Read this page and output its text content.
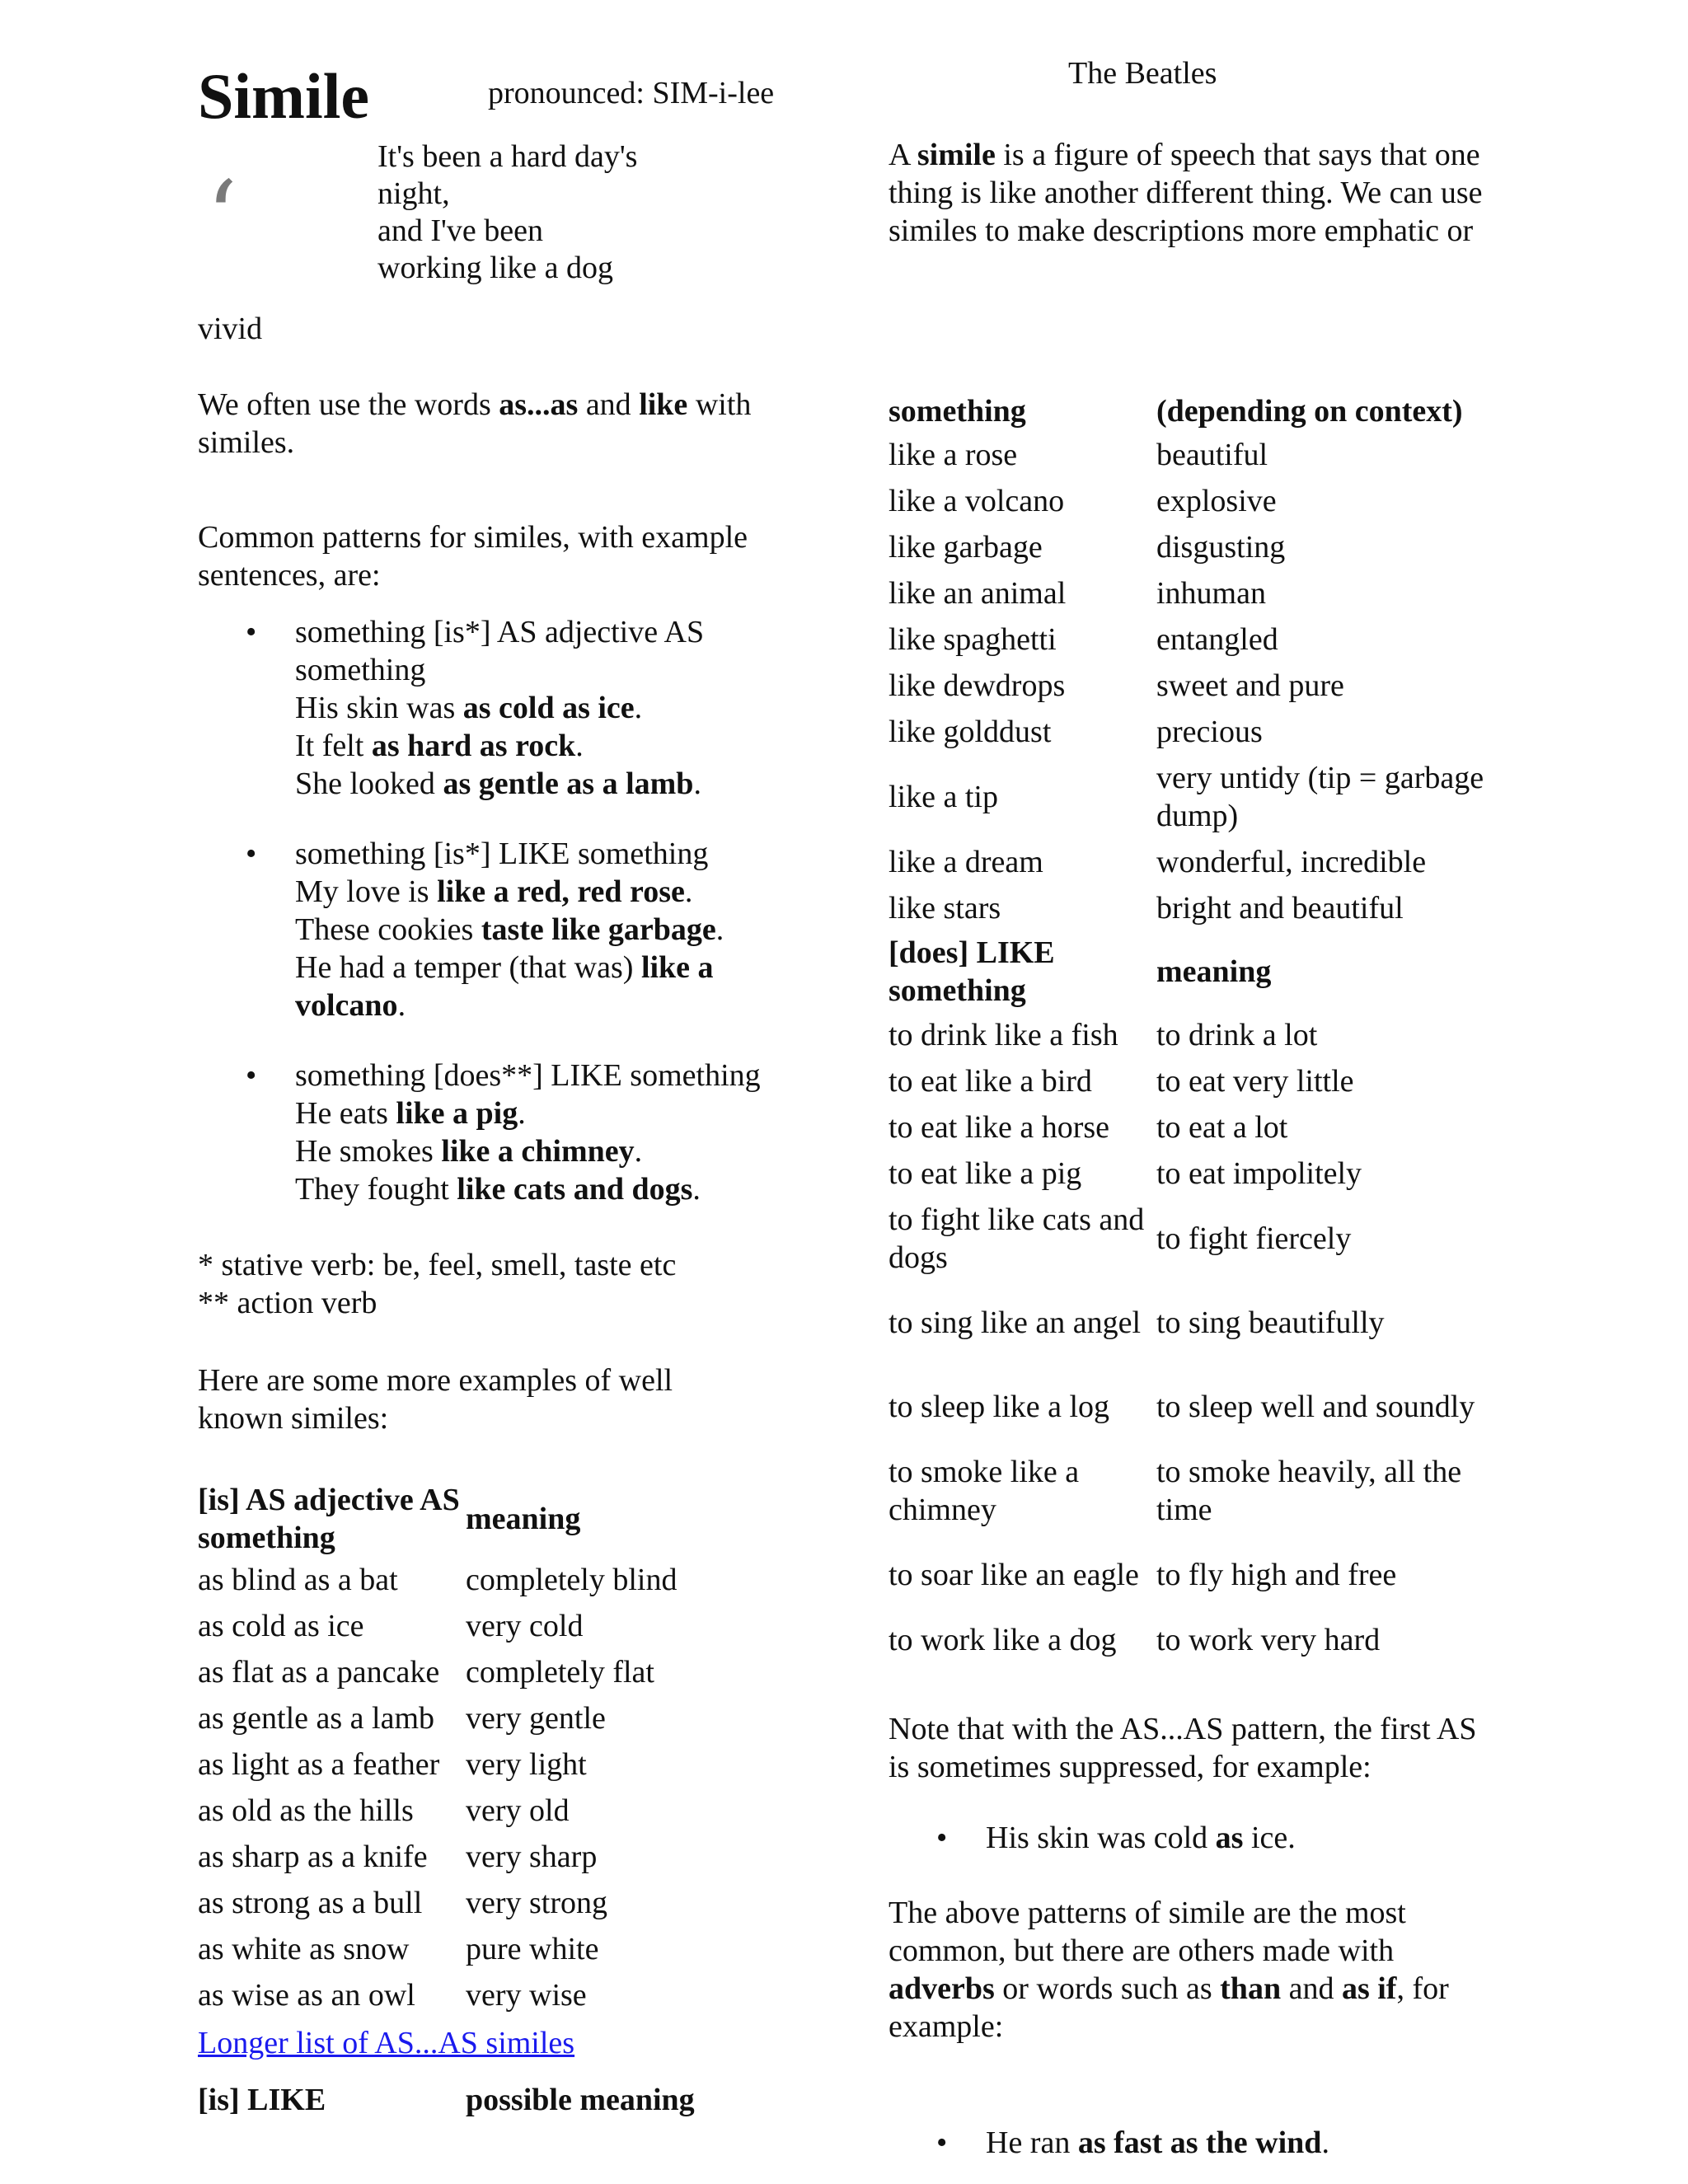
Simile	pronounced: SIM-i-lee
The Beatles
‘
It's been a hard day's
night,
and I've been
working like a dog
A simile is a figure of speech that says that one thing is like another different thing. We can use similes to make descriptions more emphatic or
vivid
We often use the words as...as and like with similes.
Common patterns for similes, with example sentences, are:
• something [is*] AS adjective AS
something
His skin was as cold as ice.
It felt as hard as rock.
She looked as gentle as a lamb.
• something [is*] LIKE something
My love is like a red, red rose.
These cookies taste like garbage.
He had a temper (that was) like a
volcano.
• something [does**] LIKE something
He eats like a pig.
He smokes like a chimney.
They fought like cats and dogs.
* stative verb: be, feel, smell, taste etc
** action verb
Here are some more examples of well known similes:
[is] AS adjective AS something	meaning
as blind as a bat	completely blind
as cold as ice	very cold
as flat as a pancake	completely flat
as gentle as a lamb	very gentle
as light as a feather	very light
as old as the hills	very old
as sharp as a knife	very sharp
as strong as a bull	very strong
as white as snow	pure white
as wise as an owl	very wise
Longer list of AS...AS similes
[is] LIKE	possible meaning
something	(depending on context)
like a rose	beautiful
like a volcano	explosive
like garbage	disgusting
like an animal	inhuman
like spaghetti	entangled
like dewdrops	sweet and pure
like golddust	precious
like a tip	very untidy (tip = garbage dump)
like a dream	wonderful, incredible
like stars	bright and beautiful
[does] LIKE something	meaning
to drink like a fish	to drink a lot
to eat like a bird	to eat very little
to eat like a horse	to eat a lot
to eat like a pig	to eat impolitely
to fight like cats and dogs	to fight fiercely
to sing like an angel	to sing beautifully
to sleep like a log	to sleep well and soundly
to smoke like a chimney	to smoke heavily, all the time
to soar like an eagle	to fly high and free
to work like a dog	to work very hard
Note that with the AS...AS pattern, the first AS is sometimes suppressed, for example:
• His skin was cold as ice.
The above patterns of simile are the most common, but there are others made with adverbs or words such as than and as if, for example:
• He ran as fast as the wind.
